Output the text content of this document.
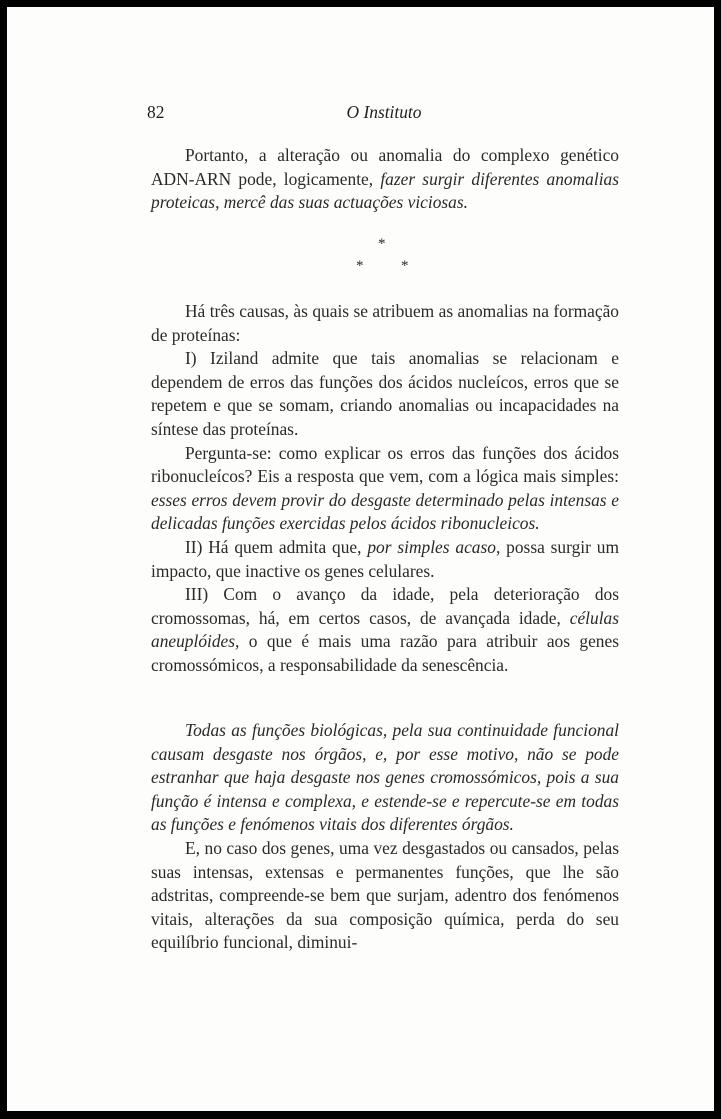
82	O Instituto

Portanto, a alteração ou anomalia do complexo genético ADN-ARN pode, logicamente, fazer surgir diferentes anomalias proteicas, mercê das suas actuações viciosas.

*
*	*

Há três causas, às quais se atribuem as anomalias na formação de proteínas:

I) Iziland admite que tais anomalias se relacionam e dependem de erros das funções dos ácidos nucleícos, erros que se repetem e que se somam, criando anomalias ou incapacidades na síntese das proteínas.

Pergunta-se: como explicar os erros das funções dos ácidos ribonucleícos? Eis a resposta que vem, com a lógica mais simples: esses erros devem provir do desgaste determinado pelas intensas e delicadas funções exercidas pelos ácidos ribonucleicos.

II) Há quem admita que, por simples acaso, possa surgir um impacto, que inactive os genes celulares.

III) Com o avanço da idade, pela deterioração dos cromossomas, há, em certos casos, de avançada idade, células aneuplóides, o que é mais uma razão para atribuir aos genes cromossómicos, a responsabilidade da senescência.

Todas as funções biológicas, pela sua continuidade funcional causam desgaste nos órgãos, e, por esse motivo, não se pode estranhar que haja desgaste nos genes cromossómicos, pois a sua função é intensa e complexa, e estende-se e repercute-se em todas as funções e fenómenos vitais dos diferentes órgãos.

E, no caso dos genes, uma vez desgastados ou cansados, pelas suas intensas, extensas e permanentes funções, que lhe são adstritas, compreende-se bem que surjam, adentro dos fenómenos vitais, alterações da sua composição química, perda do seu equilíbrio funcional, diminui-
